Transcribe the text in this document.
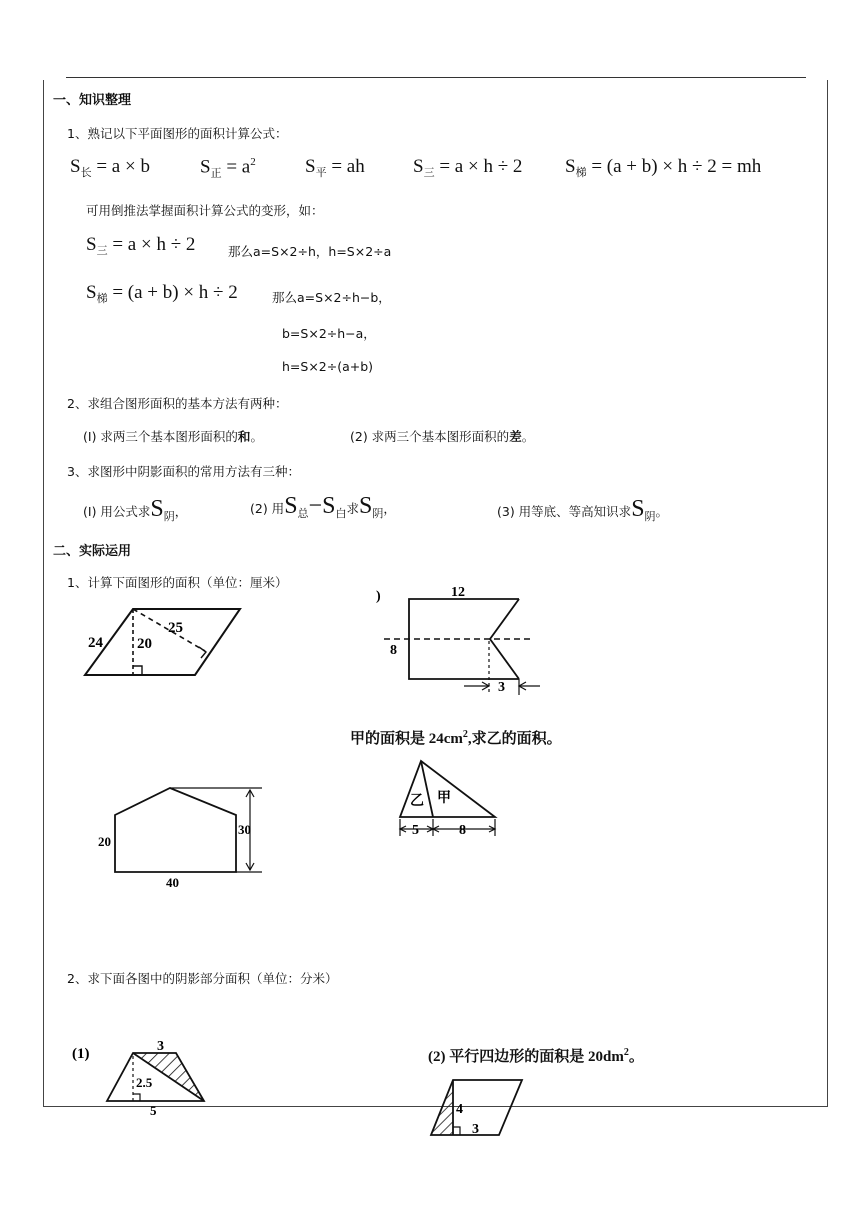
一、知识整理
1、熟记以下平面图形的面积计算公式：
$S_长 = a \times b$	$S_正 = a^2$	$S_平$ = ah	$S_三 = a \times h \div 2$ $S_梯 = (a + b) \times h \div 2$ = mh
可用倒推法掌握面积计算公式的变形，如：
$S_三 = a \times h \div 2$	那么a=S×2÷h，h=S×2÷a
$S_梯 = (a + b) \times h \div 2$	那么a=S×2÷h−b，
b=S×2÷h−a，
h=S×2÷(a+b)
2、求组合图形面积的基本方法有两种：
(I) 求两三个基本图形面积的和。	(2) 求两三个基本图形面积的差。
3、求图形中阴影面积的常用方法有三种：
(I) 用公式求$S_阴$，	(2) 用$S_总-S_白$求$S_阴$，	(3) 用等底、等高知识求$S_阴$。
二、实际运用
1、计算下面图形的面积（单位：厘米）
24 20
25
)	12
8
3
甲的面积是 $24cm^2$,求乙的面积。
乙 甲
5	8
20
30
40
2、求下面各图中的阴影部分面积（单位：分米）
(1)	3
2.5
5
(2) 平行四边形的面积是 $20dm^2$。
4
3
